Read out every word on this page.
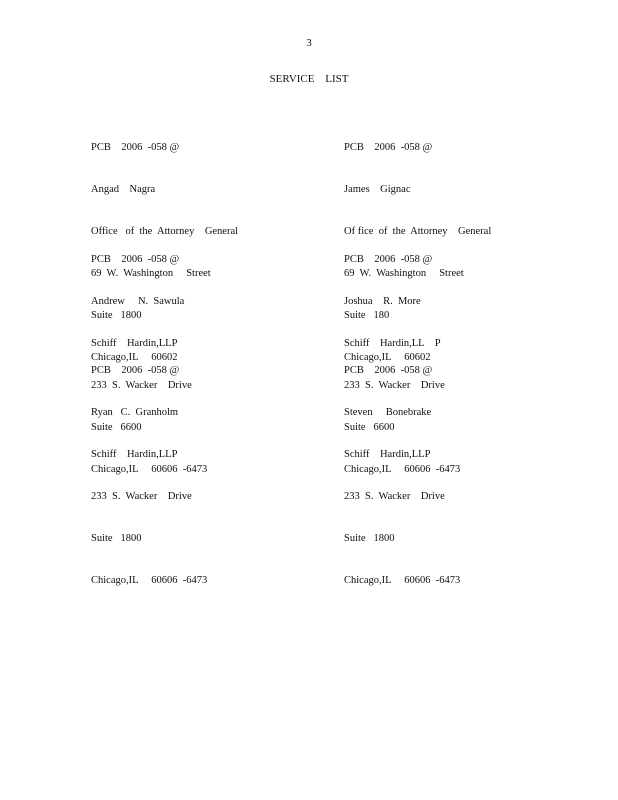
3
SERVICE LIST

PCB    2006  -058 @

Angad    Nagra

Office   of  the  Attorney    General

69  W.  Washington     Street

Suite   1800

Chicago,IL     60602

PCB    2006  -058 @

James    Gignac

Of fice  of  the  Attorney    General

69  W.  Washington     Street

Suite   180

Chicago,IL     60602

PCB    2006  -058 @

Andrew     N.  Sawula

Schiff    Hardin,LLP

233  S.  Wacker    Drive

Suite   6600

Chicago,IL     60606  -6473

PCB    2006  -058 @

Joshua    R.  More

Schiff    Hardin,LL    P

233  S.  Wacker    Drive

Suite   6600

Chicago,IL     60606  -6473

PCB    2006  -058 @

Ryan   C.  Granholm

Schiff    Hardin,LLP

233  S.  Wacker    Drive

Suite   1800

Chicago,IL     60606  -6473

PCB    2006  -058 @

Steven     Bonebrake

Schiff    Hardin,LLP

233  S.  Wacker    Drive

Suite   1800

Chicago,IL     60606  -6473
